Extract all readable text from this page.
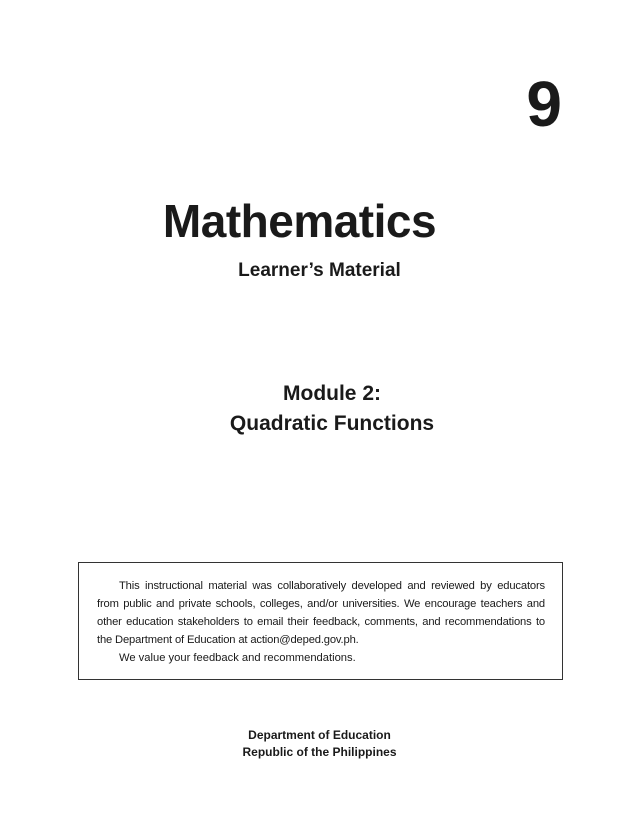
9
Mathematics
Learner’s Material
Module 2:
Quadratic Functions

This instructional material was collaboratively developed and reviewed by educators from public and private schools, colleges, and/or universities. We encourage teachers and other education stakeholders to email their feedback, comments, and recommendations to the Department of Education at action@deped.gov.ph.

We value your feedback and recommendations.

Department of Education
Republic of the Philippines
